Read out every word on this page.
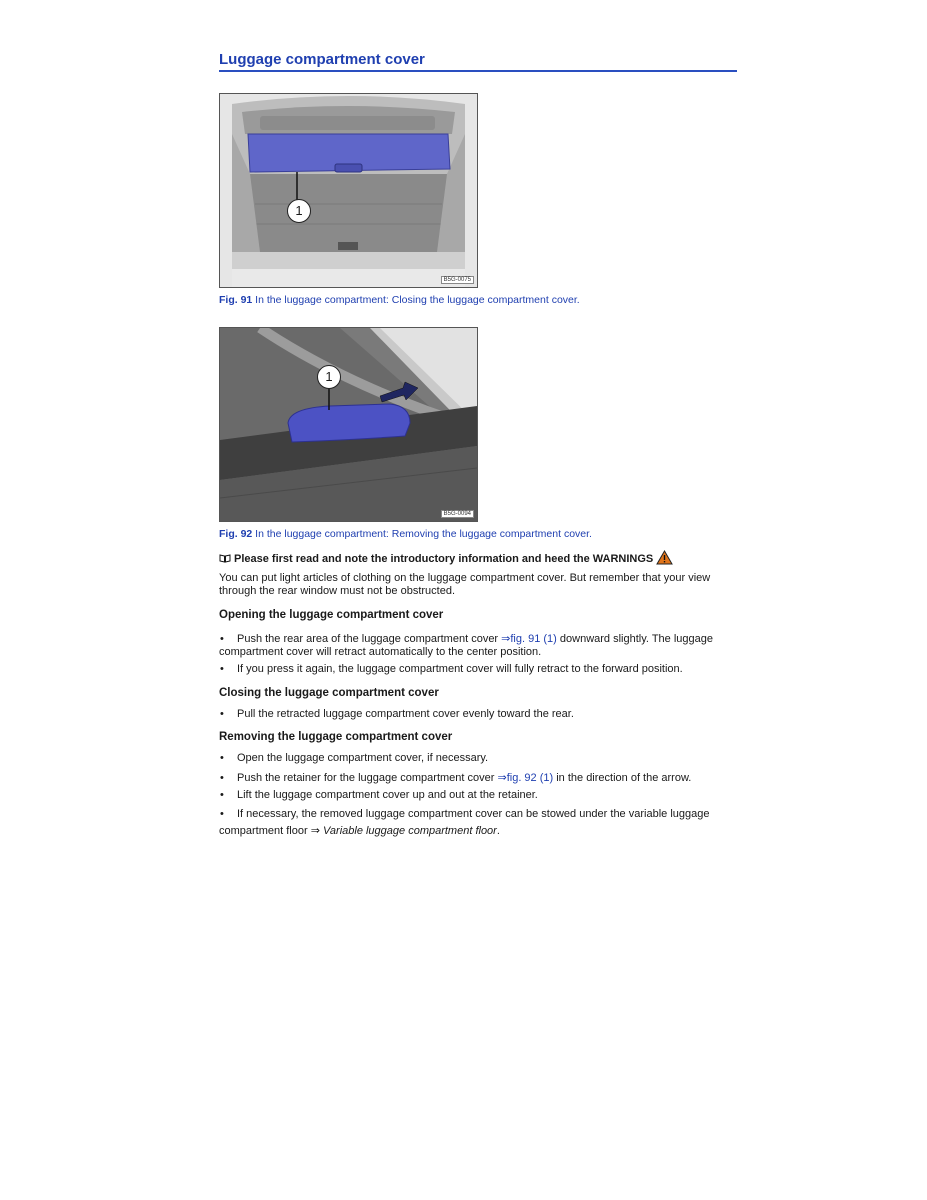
Luggage compartment cover
1
B5G-0075
Fig. 91 In the luggage compartment: Closing the luggage compartment cover.
1
B5G-0094
Fig. 92 In the luggage compartment: Removing the luggage compartment cover.
Please first read and note the introductory information and heed the WARNINGS
You can put light articles of clothing on the luggage compartment cover. But remember that your view through the rear window must not be obstructed.
Opening the luggage compartment cover
• Push the rear area of the luggage compartment cover ⇒fig. 91 (1) downward slightly. The luggage compartment cover will retract automatically to the center position.
• If you press it again, the luggage compartment cover will fully retract to the forward position.
Closing the luggage compartment cover
• Pull the retracted luggage compartment cover evenly toward the rear.
Removing the luggage compartment cover
• Open the luggage compartment cover, if necessary.
• Push the retainer for the luggage compartment cover ⇒fig. 92 (1) in the direction of the arrow.
• Lift the luggage compartment cover up and out at the retainer.
• If necessary, the removed luggage compartment cover can be stowed under the variable luggage compartment floor ⇒ Variable luggage compartment floor.
